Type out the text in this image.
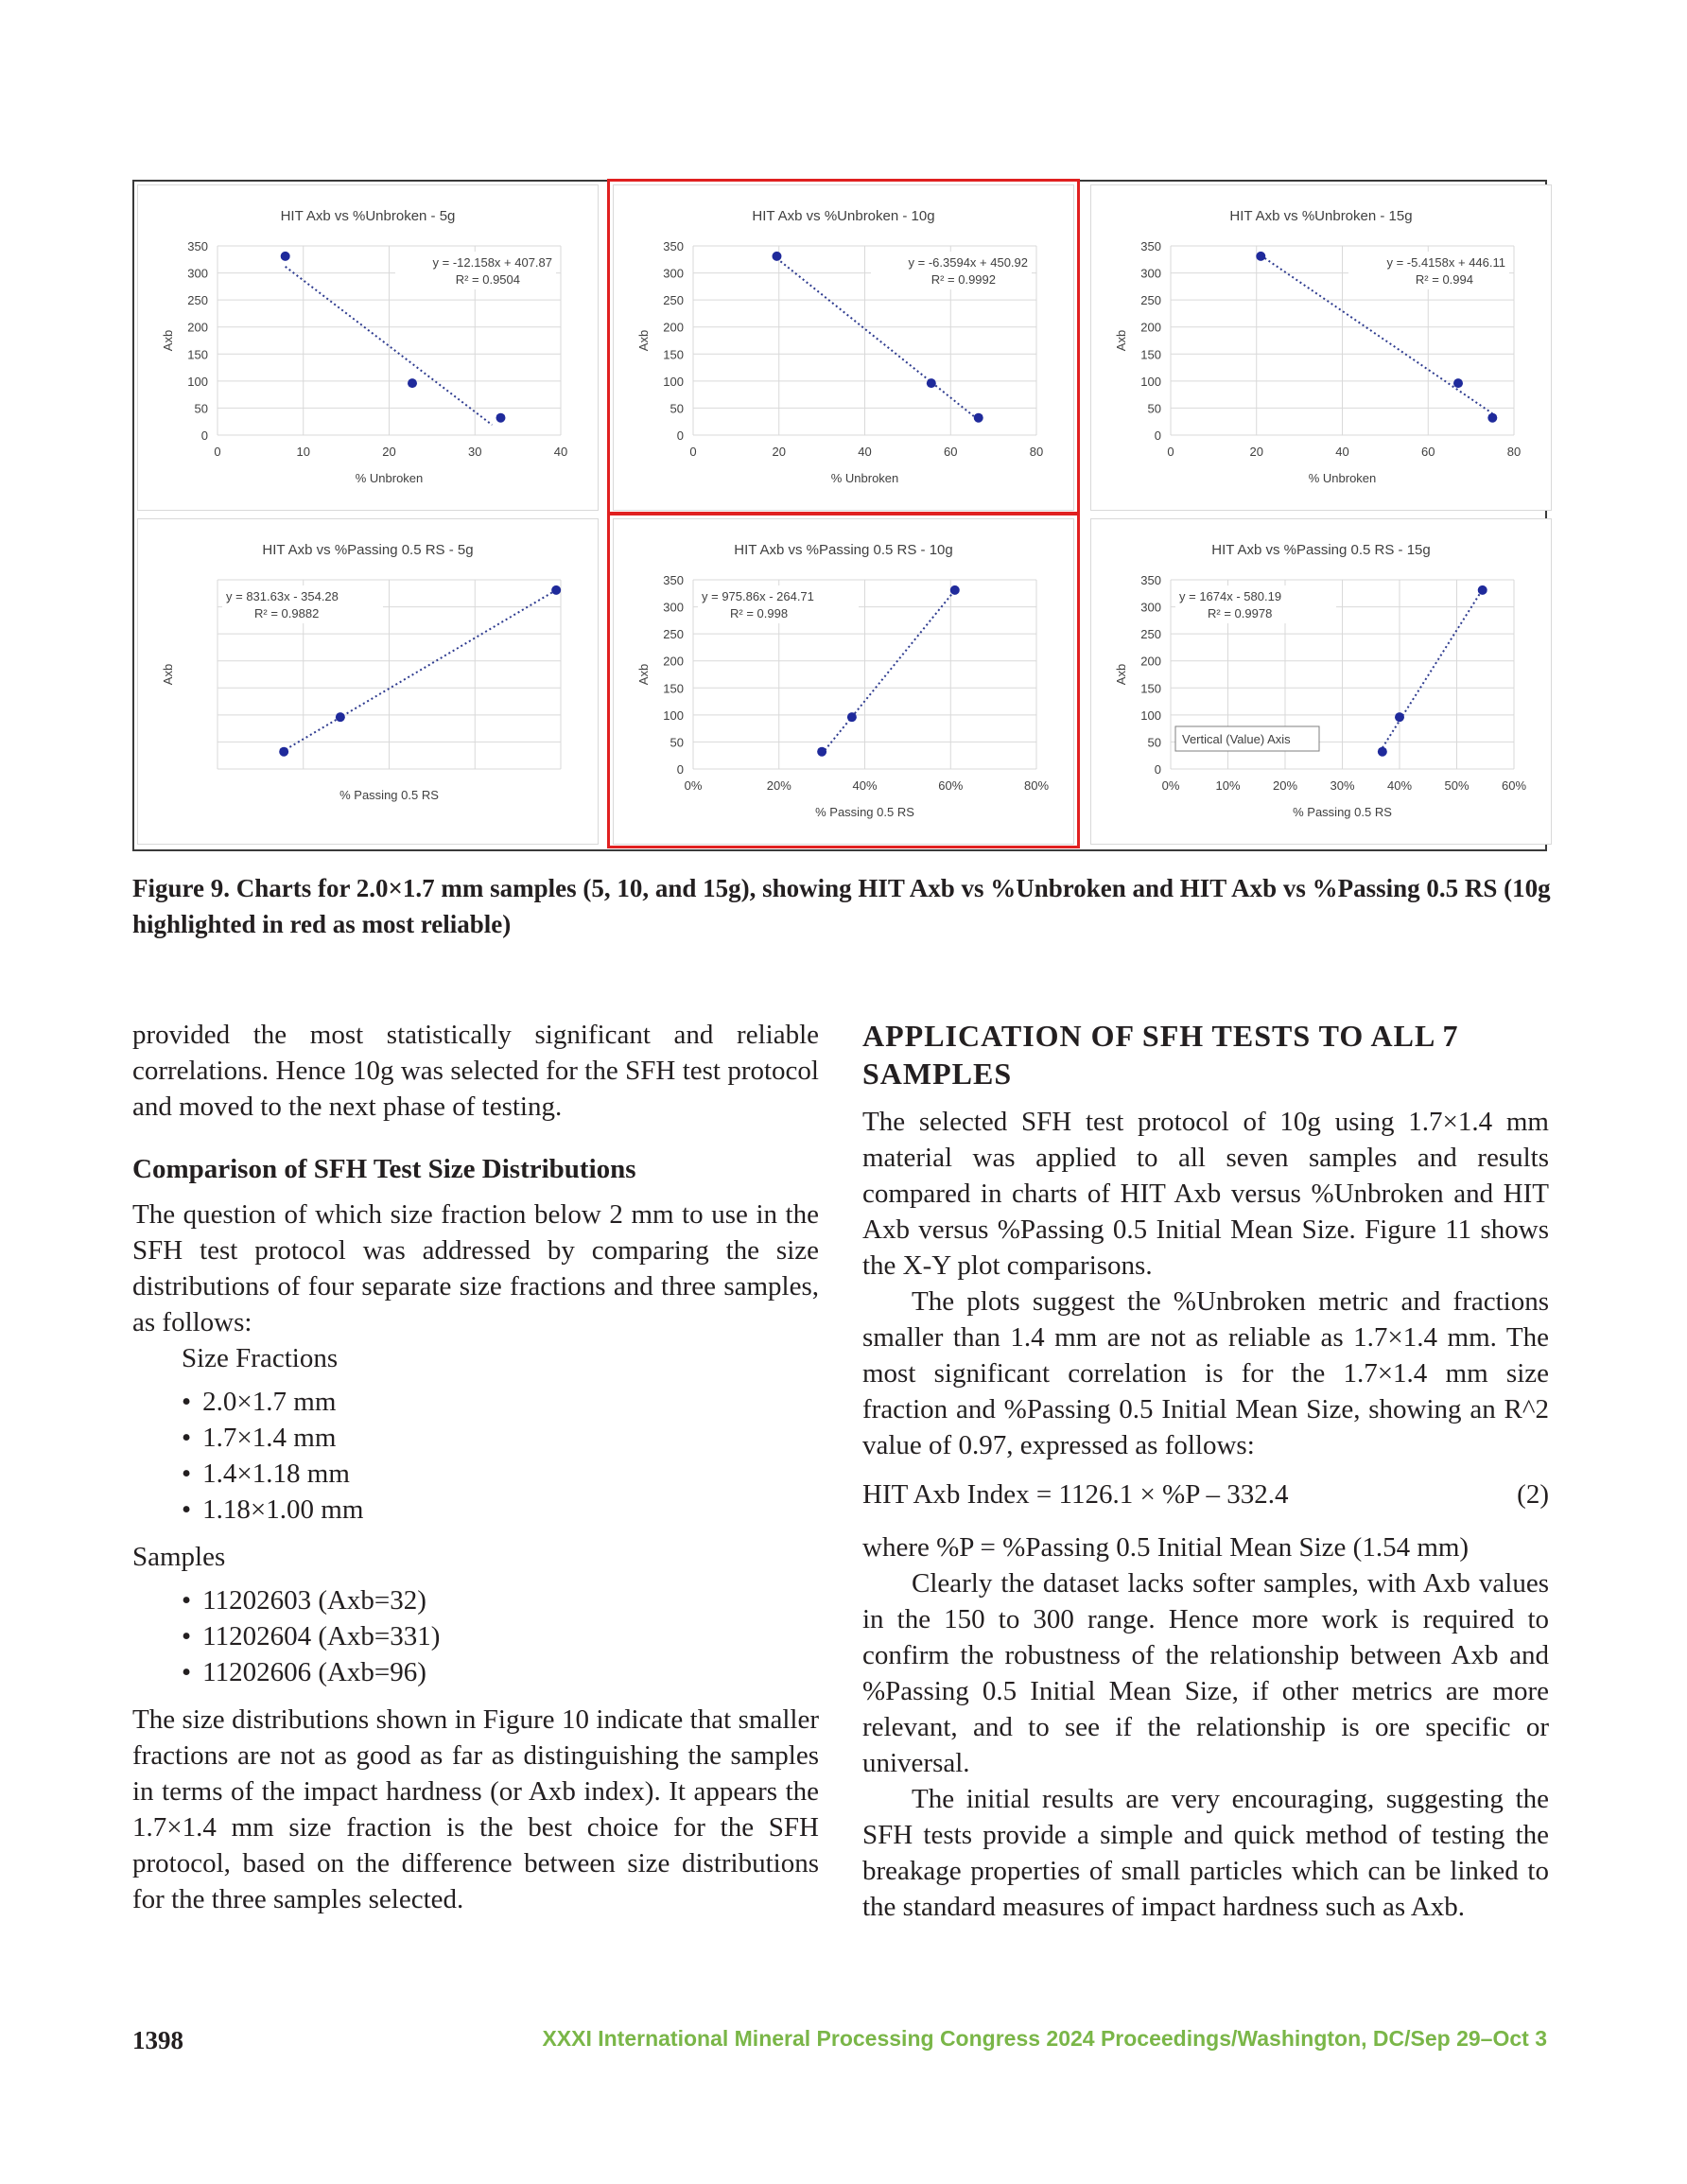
0
50
100
150
200
250
300
350
0	10	20	30	40
HIT Axb vs %Unbroken - 5g
% Unbroken
Axb
y = -12.158x + 407.87
R² = 0.9504
0
50
100
150
200
250
300
350
0	20	40	60	80
HIT Axb vs %Unbroken - 10g
% Unbroken
Axb
y = -6.3594x + 450.92
R² = 0.9992
0
50
100
150
200
250
300
350
0	20	40	60	80
HIT Axb vs %Unbroken - 15g
% Unbroken
Axb
y = -5.4158x + 446.11
R² = 0.994
HIT Axb vs %Passing 0.5 RS - 5g
% Passing 0.5 RS
Axb
y = 831.63x - 354.28
R² = 0.9882
0
50
100
150
200
250
300
350
0%	20%	40%	60%	80%
HIT Axb vs %Passing 0.5 RS - 10g
% Passing 0.5 RS
Axb
y = 975.86x - 264.71
R² = 0.998
0
50
100
150
200
250
300
350
0%	10%	20%	30%	40%	50%	60%
HIT Axb vs %Passing 0.5 RS - 15g
% Passing 0.5 RS
Axb
y = 1674x - 580.19
R² = 0.9978
Vertical (Value) Axis

Figure 9. Charts for 2.0×1.7 mm samples (5, 10, and 15g), showing HIT Axb vs %Unbroken and HIT Axb vs %Passing 0.5 RS (10g highlighted in red as most reliable)

provided the most statistically significant and reliable correlations. Hence 10g was selected for the SFH test protocol and moved to the next phase of testing.

Comparison of SFH Test Size Distributions

The question of which size fraction below 2 mm to use in the SFH test protocol was addressed by comparing the size distributions of four separate size fractions and three samples, as follows:

Size Fractions

• 2.0×1.7 mm
• 1.7×1.4 mm
• 1.4×1.18 mm
• 1.18×1.00 mm

Samples

• 11202603 (Axb=32)
• 11202604 (Axb=331)
• 11202606 (Axb=96)

The size distributions shown in Figure 10 indicate that smaller fractions are not as good as far as distinguishing the samples in terms of the impact hardness (or Axb index). It appears the 1.7×1.4 mm size fraction is the best choice for the SFH protocol, based on the difference between size distributions for the three samples selected.

APPLICATION OF SFH TESTS TO ALL 7 SAMPLES

The selected SFH test protocol of 10g using 1.7×1.4 mm material was applied to all seven samples and results compared in charts of HIT Axb versus %Unbroken and HIT Axb versus %Passing 0.5 Initial Mean Size. Figure 11 shows the X-Y plot comparisons.

The plots suggest the %Unbroken metric and fractions smaller than 1.4 mm are not as reliable as 1.7×1.4 mm. The most significant correlation is for the 1.7×1.4 mm size fraction and %Passing 0.5 Initial Mean Size, showing an R^2 value of 0.97, expressed as follows:

HIT Axb Index = 1126.1 × %P – 332.4	(2)

where %P = %Passing 0.5 Initial Mean Size (1.54 mm)

Clearly the dataset lacks softer samples, with Axb values in the 150 to 300 range. Hence more work is required to confirm the robustness of the relationship between Axb and %Passing 0.5 Initial Mean Size, if other metrics are more relevant, and to see if the relationship is ore specific or universal.

The initial results are very encouraging, suggesting the SFH tests provide a simple and quick method of testing the breakage properties of small particles which can be linked to the standard measures of impact hardness such as Axb.

1398	XXXI International Mineral Processing Congress 2024 Proceedings/Washington, DC/Sep 29–Oct 3
